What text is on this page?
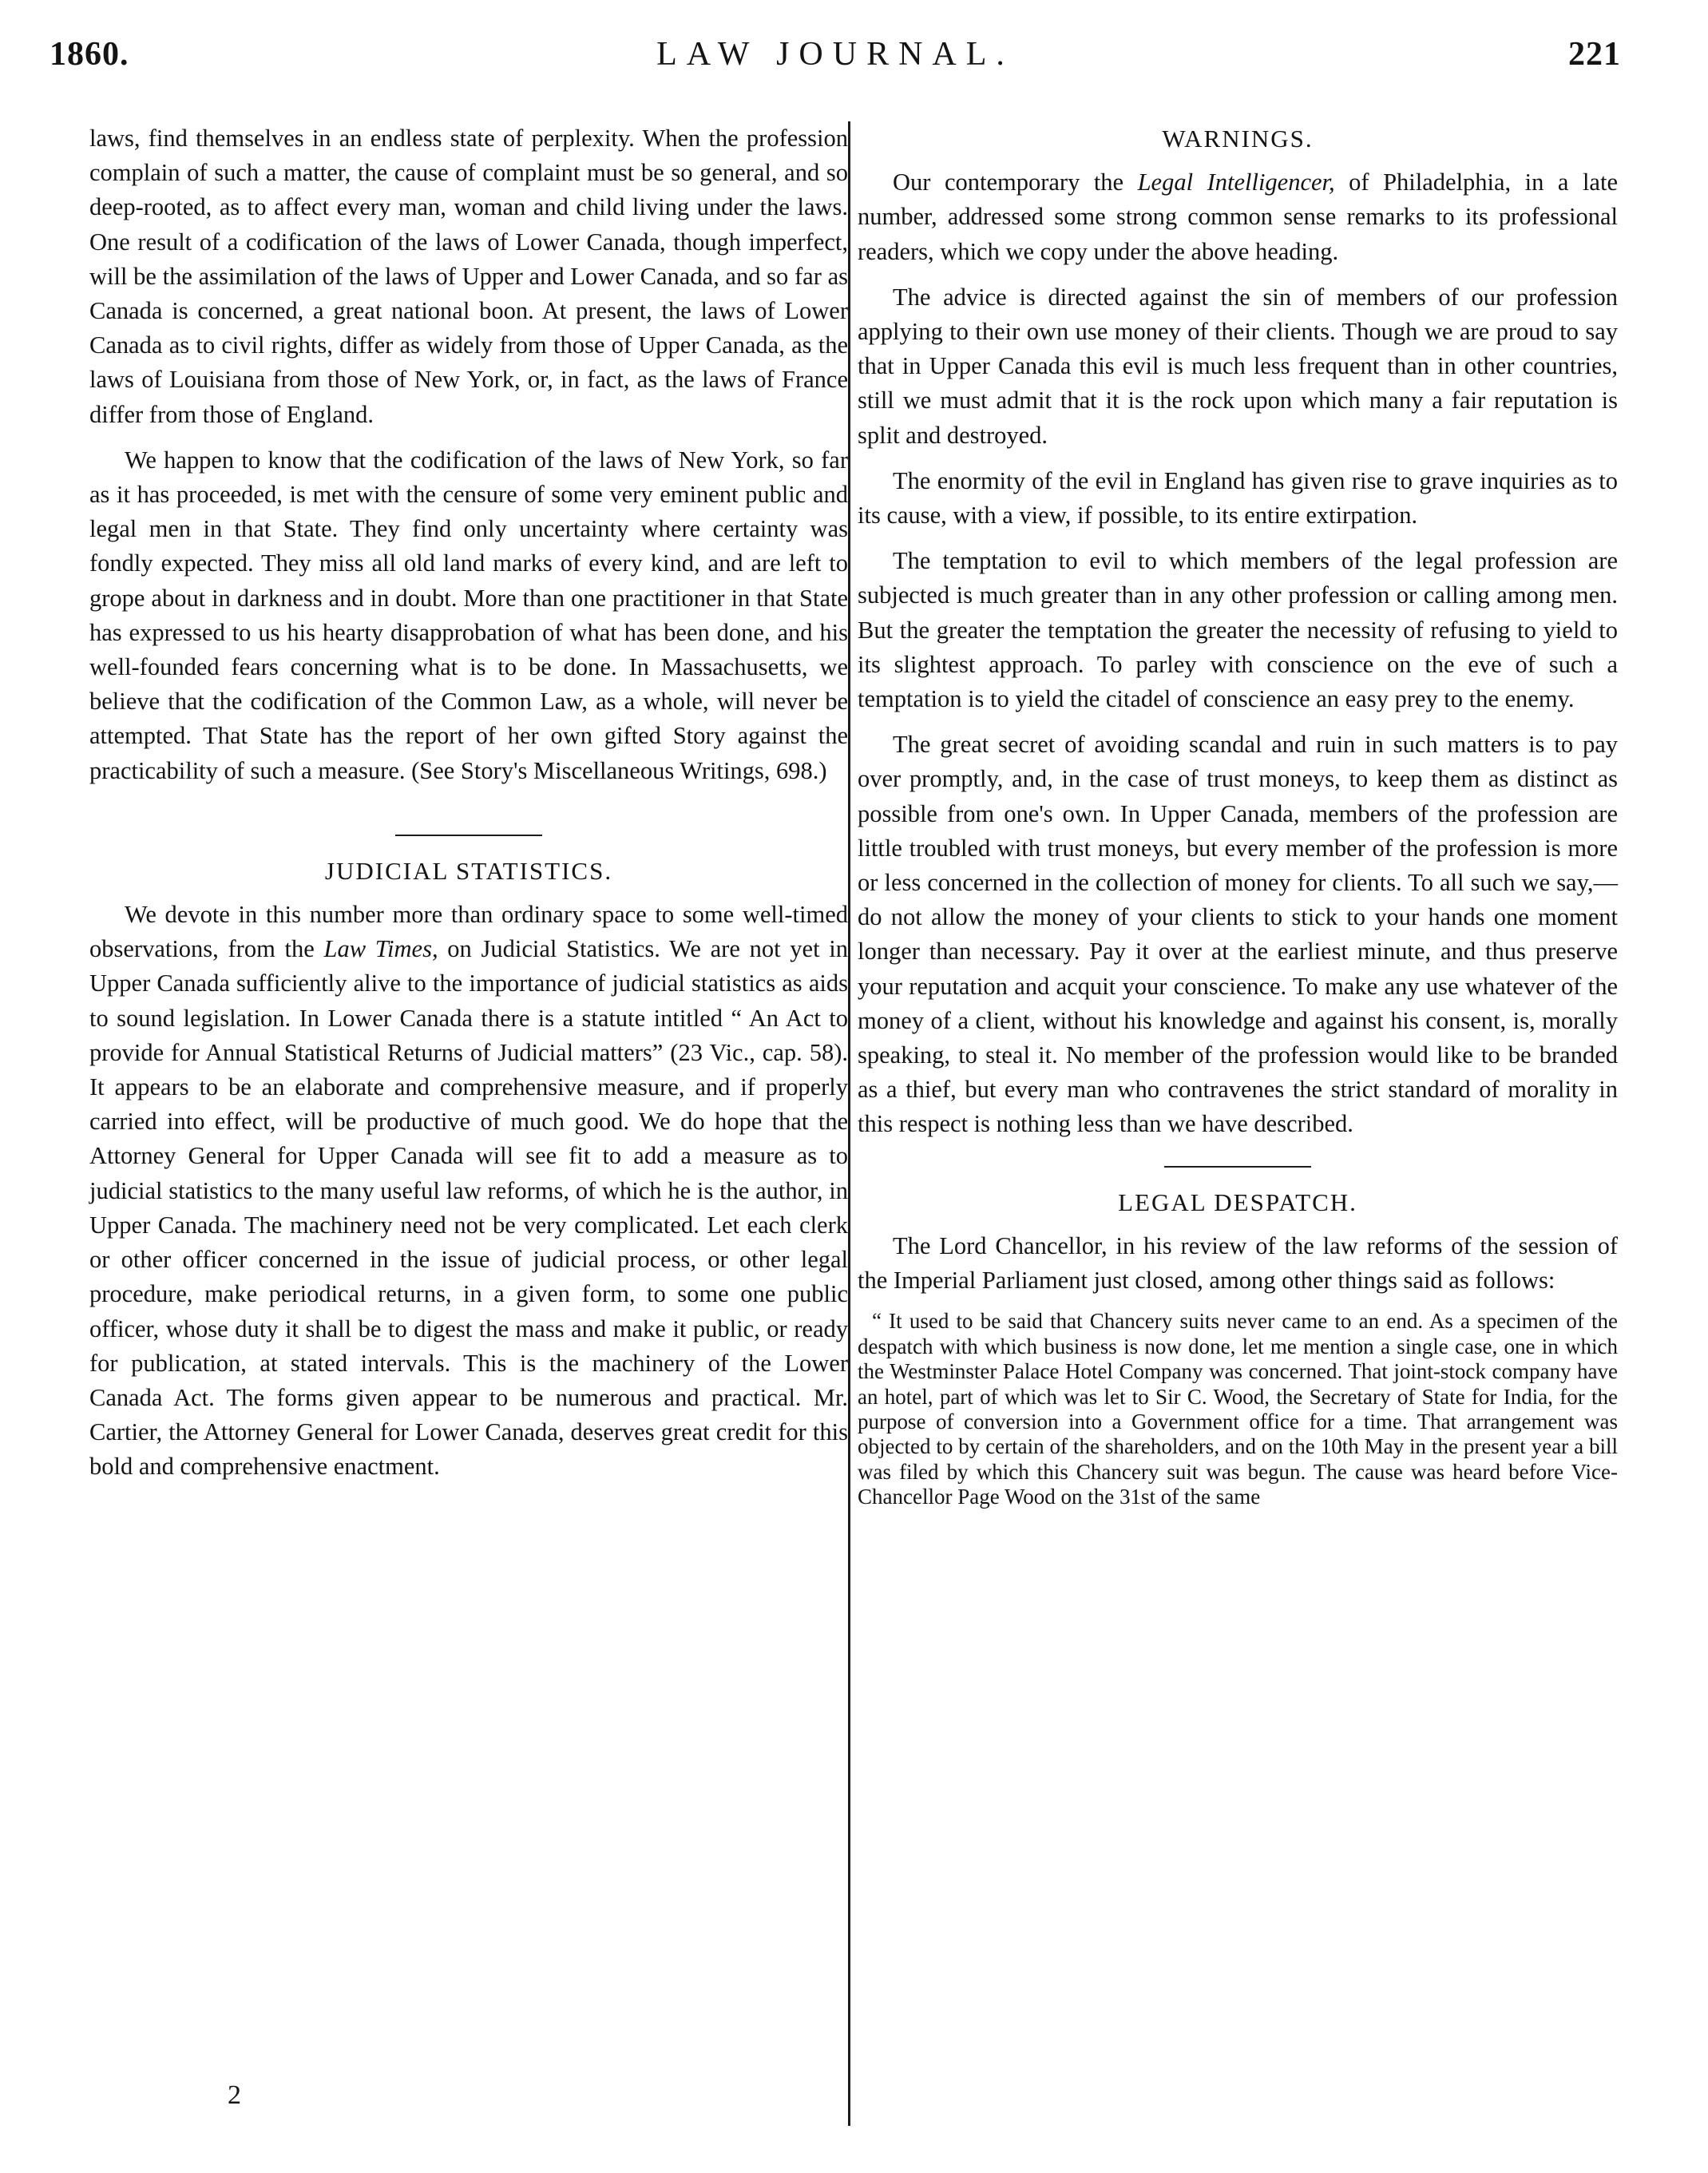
1860.	LAW JOURNAL.	221

laws, find themselves in an endless state of perplexity. When the profession complain of such a matter, the cause of complaint must be so general, and so deep-rooted, as to affect every man, woman and child living under the laws. One result of a codification of the laws of Lower Canada, though imperfect, will be the assimilation of the laws of Upper and Lower Canada, and so far as Canada is concerned, a great national boon. At present, the laws of Lower Canada as to civil rights, differ as widely from those of Upper Canada, as the laws of Louisiana from those of New York, or, in fact, as the laws of France differ from those of England.

We happen to know that the codification of the laws of New York, so far as it has proceeded, is met with the censure of some very eminent public and legal men in that State. They find only uncertainty where certainty was fondly expected. They miss all old land marks of every kind, and are left to grope about in darkness and in doubt. More than one practitioner in that State has expressed to us his hearty disapprobation of what has been done, and his well-founded fears concerning what is to be done. In Massachusetts, we believe that the codification of the Common Law, as a whole, will never be attempted. That State has the report of her own gifted Story against the practicability of such a measure. (See Story's Miscellaneous Writings, 698.)

JUDICIAL STATISTICS.

We devote in this number more than ordinary space to some well-timed observations, from the Law Times, on Judicial Statistics. We are not yet in Upper Canada sufficiently alive to the importance of judicial statistics as aids to sound legislation. In Lower Canada there is a statute intitled “ An Act to provide for Annual Statistical Returns of Judicial matters” (23 Vic., cap. 58). It appears to be an elaborate and comprehensive measure, and if properly carried into effect, will be productive of much good. We do hope that the Attorney General for Upper Canada will see fit to add a measure as to judicial statistics to the many useful law reforms, of which he is the author, in Upper Canada. The machinery need not be very complicated. Let each clerk or other officer concerned in the issue of judicial process, or other legal procedure, make periodical returns, in a given form, to some one public officer, whose duty it shall be to digest the mass and make it public, or ready for publication, at stated intervals. This is the machinery of the Lower Canada Act. The forms given appear to be numerous and practical. Mr. Cartier, the Attorney General for Lower Canada, deserves great credit for this bold and comprehensive enactment.

2
WARNINGS.

Our contemporary the Legal Intelligencer, of Philadelphia, in a late number, addressed some strong common sense remarks to its professional readers, which we copy under the above heading.

The advice is directed against the sin of members of our profession applying to their own use money of their clients. Though we are proud to say that in Upper Canada this evil is much less frequent than in other countries, still we must admit that it is the rock upon which many a fair reputation is split and destroyed.

The enormity of the evil in England has given rise to grave inquiries as to its cause, with a view, if possible, to its entire extirpation.

The temptation to evil to which members of the legal profession are subjected is much greater than in any other profession or calling among men. But the greater the temptation the greater the necessity of refusing to yield to its slightest approach. To parley with conscience on the eve of such a temptation is to yield the citadel of conscience an easy prey to the enemy.

The great secret of avoiding scandal and ruin in such matters is to pay over promptly, and, in the case of trust moneys, to keep them as distinct as possible from one's own. In Upper Canada, members of the profession are little troubled with trust moneys, but every member of the profession is more or less concerned in the collection of money for clients. To all such we say,—do not allow the money of your clients to stick to your hands one moment longer than necessary. Pay it over at the earliest minute, and thus preserve your reputation and acquit your conscience. To make any use whatever of the money of a client, without his knowledge and against his consent, is, morally speaking, to steal it. No member of the profession would like to be branded as a thief, but every man who contravenes the strict standard of morality in this respect is nothing less than we have described.

LEGAL DESPATCH.

The Lord Chancellor, in his review of the law reforms of the session of the Imperial Parliament just closed, among other things said as follows:

“ It used to be said that Chancery suits never came to an end. As a specimen of the despatch with which business is now done, let me mention a single case, one in which the Westminster Palace Hotel Company was concerned. That joint-stock company have an hotel, part of which was let to Sir C. Wood, the Secretary of State for India, for the purpose of conversion into a Government office for a time. That arrangement was objected to by certain of the shareholders, and on the 10th May in the present year a bill was filed by which this Chancery suit was begun. The cause was heard before Vice-Chancellor Page Wood on the 31st of the same
